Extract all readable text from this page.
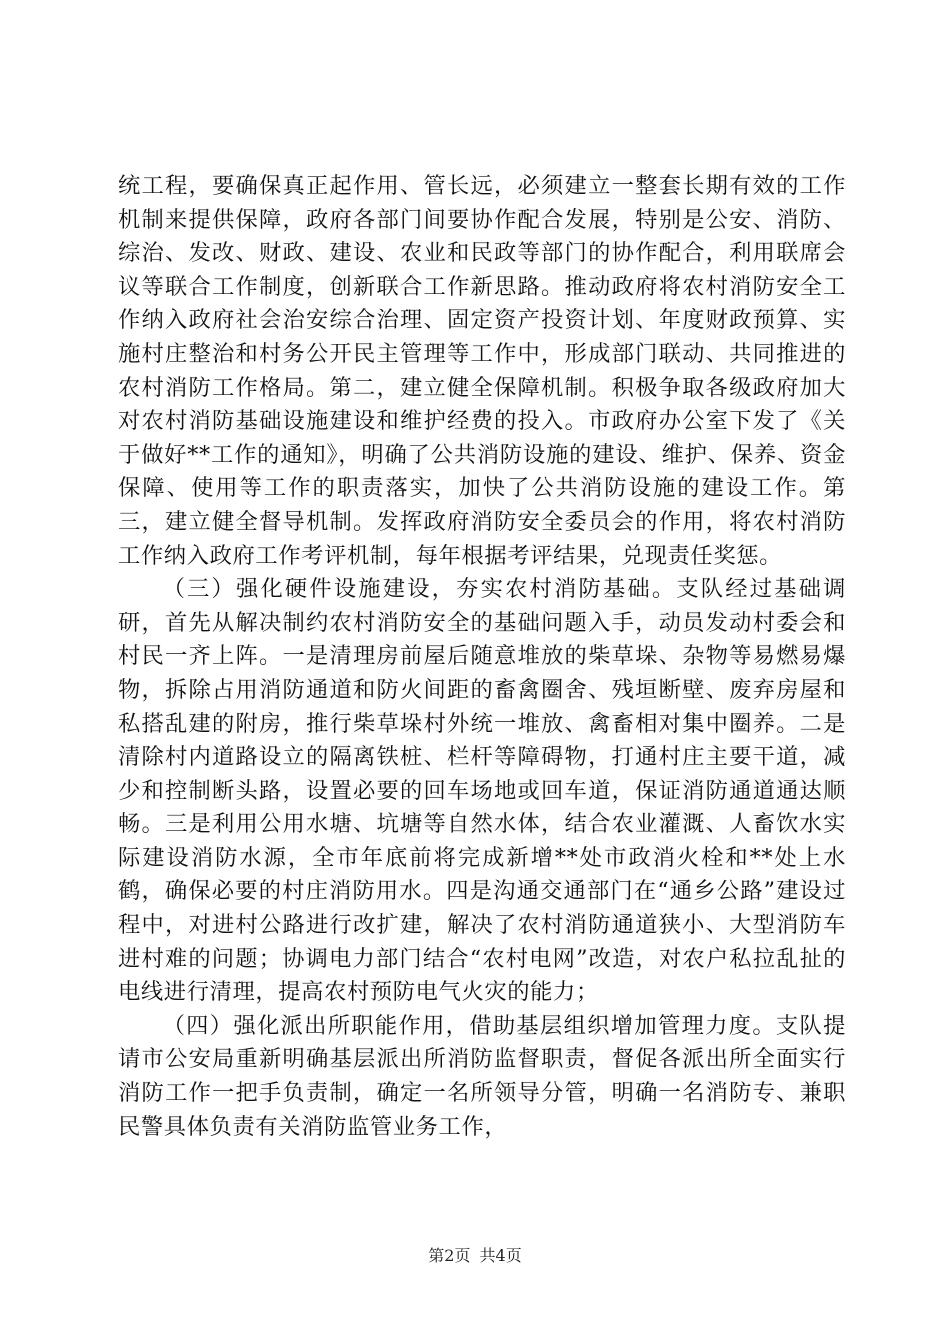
统工程，要确保真正起作用、管长远，必须建立一整套长期有效的工作机制来提供保障，政府各部门间要协作配合发展，特别是公安、消防、综治、发改、财政、建设、农业和民政等部门的协作配合，利用联席会议等联合工作制度，创新联合工作新思路。推动政府将农村消防安全工作纳入政府社会治安综合治理、固定资产投资计划、年度财政预算、实施村庄整治和村务公开民主管理等工作中，形成部门联动、共同推进的农村消防工作格局。第二，建立健全保障机制。积极争取各级政府加大对农村消防基础设施建设和维护经费的投入。市政府办公室下发了《关于做好**工作的通知》，明确了公共消防设施的建设、维护、保养、资金保障、使用等工作的职责落实，加快了公共消防设施的建设工作。第三，建立健全督导机制。发挥政府消防安全委员会的作用，将农村消防工作纳入政府工作考评机制，每年根据考评结果，兑现责任奖惩。

（三）强化硬件设施建设，夯实农村消防基础。支队经过基础调研，首先从解决制约农村消防安全的基础问题入手，动员发动村委会和村民一齐上阵。一是清理房前屋后随意堆放的柴草垛、杂物等易燃易爆物，拆除占用消防通道和防火间距的畜禽圈舍、残垣断壁、废弃房屋和私搭乱建的附房，推行柴草垛村外统一堆放、禽畜相对集中圈养。二是清除村内道路设立的隔离铁桩、栏杆等障碍物，打通村庄主要干道，减少和控制断头路，设置必要的回车场地或回车道，保证消防通道通达顺畅。三是利用公用水塘、坑塘等自然水体，结合农业灌溉、人畜饮水实际建设消防水源，全市年底前将完成新增**处市政消火栓和**处上水鹤，确保必要的村庄消防用水。四是沟通交通部门在“通乡公路”建设过程中，对进村公路进行改扩建，解决了农村消防通道狭小、大型消防车进村难的问题；协调电力部门结合“农村电网”改造，对农户私拉乱扯的电线进行清理，提高农村预防电气火灾的能力；

（四）强化派出所职能作用，借助基层组织增加管理力度。支队提请市公安局重新明确基层派出所消防监督职责，督促各派出所全面实行消防工作一把手负责制，确定一名所领导分管，明确一名消防专、兼职民警具体负责有关消防监管业务工作，

第2页 共4页
